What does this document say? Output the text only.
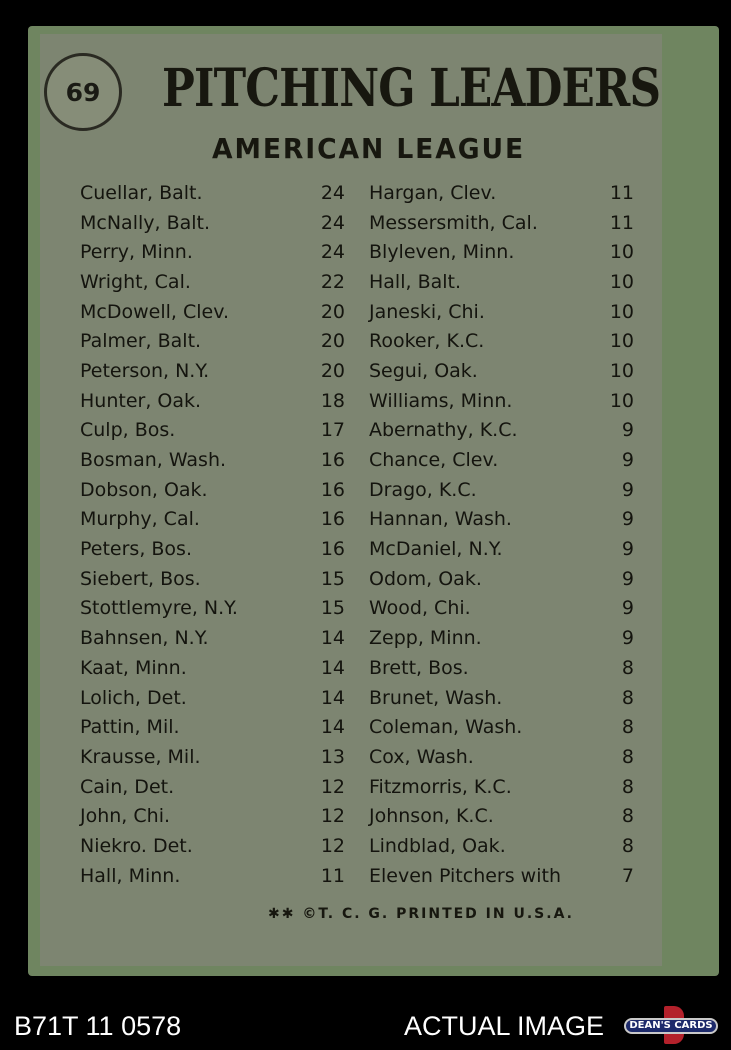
69 PITCHING LEADERS
AMERICAN LEAGUE
Cuellar, Balt.	24
McNally, Balt.	24
Perry, Minn.	24
Wright, Cal.	22
McDowell, Clev.	20
Palmer, Balt.	20
Peterson, N.Y.	20
Hunter, Oak.	18
Culp, Bos.	17
Bosman, Wash.	16
Dobson, Oak.	16
Murphy, Cal.	16
Peters, Bos.	16
Siebert, Bos.	15
Stottlemyre, N.Y.	15
Bahnsen, N.Y.	14
Kaat, Minn.	14
Lolich, Det.	14
Pattin, Mil.	14
Krausse, Mil.	13
Cain, Det.	12
John, Chi.	12
Niekro. Det.	12
Hall, Minn.	11
Hargan, Clev.	11
Messersmith, Cal.	11
Blyleven, Minn.	10
Hall, Balt.	10
Janeski, Chi.	10
Rooker, K.C.	10
Segui, Oak.	10
Williams, Minn.	10
Abernathy, K.C.	9
Chance, Clev.	9
Drago, K.C.	9
Hannan, Wash.	9
McDaniel, N.Y.	9
Odom, Oak.	9
Wood, Chi.	9
Zepp, Minn.	9
Brett, Bos.	8
Brunet, Wash.	8
Coleman, Wash.	8
Cox, Wash.	8
Fitzmorris, K.C.	8
Johnson, K.C.	8
Lindblad, Oak.	8
Eleven Pitchers with	7
✱✱ ©T. C. G. PRINTED IN U.S.A.
B71T 11 0578	ACTUAL IMAGE	DEAN'S CARDS
